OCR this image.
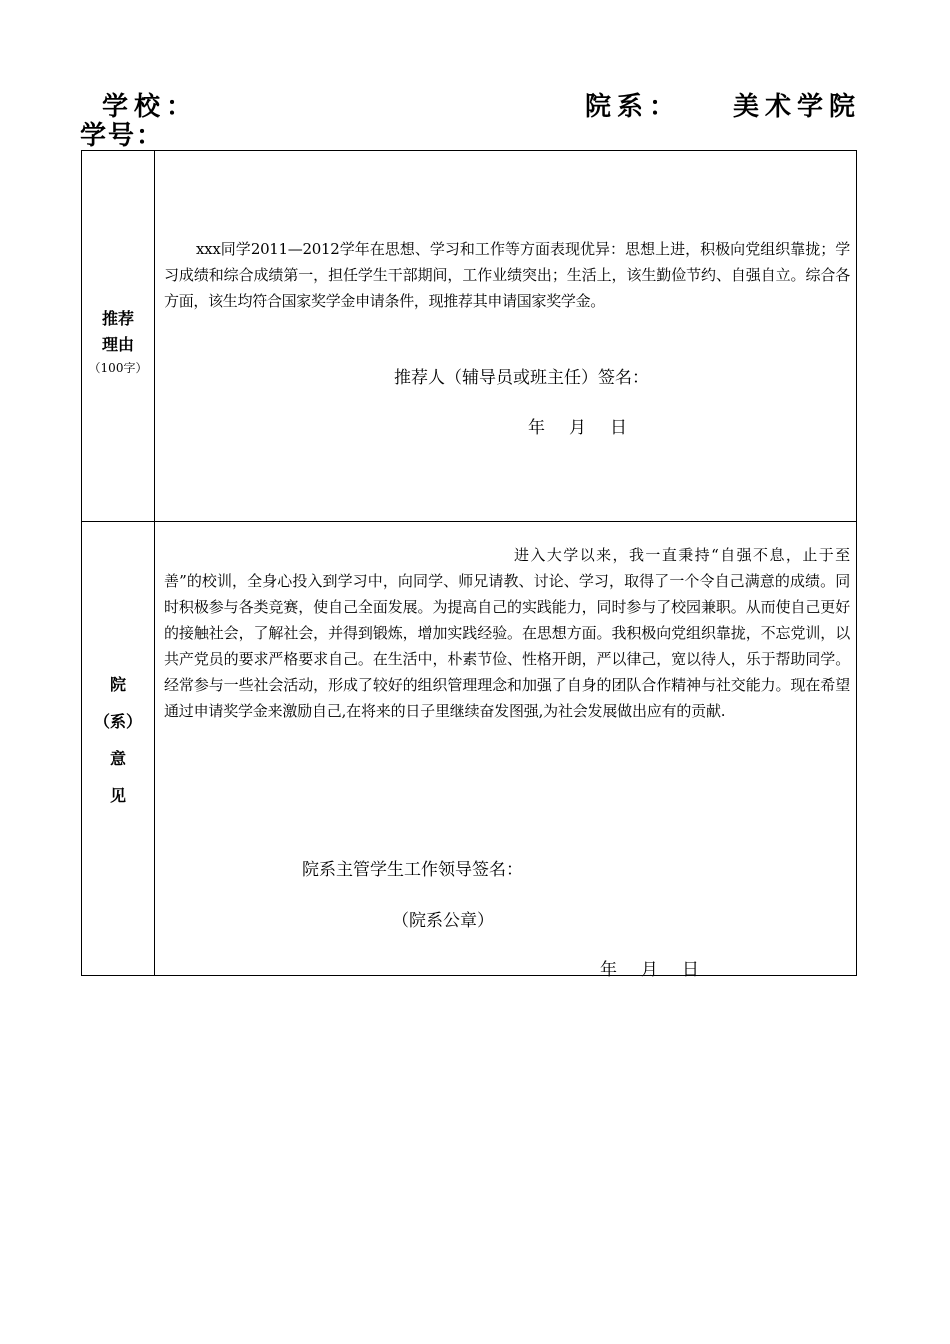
学校：	院系： 美术学院
学号：
推荐
理由
（100字）
xxx同学2011—2012学年在思想、学习和工作等方面表现优异：思想上进，积极向党组织靠拢；学习成绩和综合成绩第一，担任学生干部期间，工作业绩突出；生活上，该生勤俭节约、自强自立。综合各方面，该生均符合国家奖学金申请条件，现推荐其申请国家奖学金。
推荐人（辅导员或班主任）签名：
年 月 日
院
（系）
意
见
进入大学以来，我一直秉持“自强不息，止于至善”的校训，全身心投入到学习中，向同学、师兄请教、讨论、学习，取得了一个令自己满意的成绩。同时积极参与各类竞赛，使自己全面发展。为提高自己的实践能力，同时参与了校园兼职。从而使自己更好的接触社会，了解社会，并得到锻炼，增加实践经验。在思想方面。我积极向党组织靠拢，不忘党训，以共产党员的要求严格要求自己。在生活中，朴素节俭、性格开朗，严以律己，宽以待人，乐于帮助同学。经常参与一些社会活动，形成了较好的组织管理理念和加强了自身的团队合作精神与社交能力。现在希望通过申请奖学金来激励自己,在将来的日子里继续奋发图强,为社会发展做出应有的贡献.
院系主管学生工作领导签名：
（院系公章）
年 月 日
